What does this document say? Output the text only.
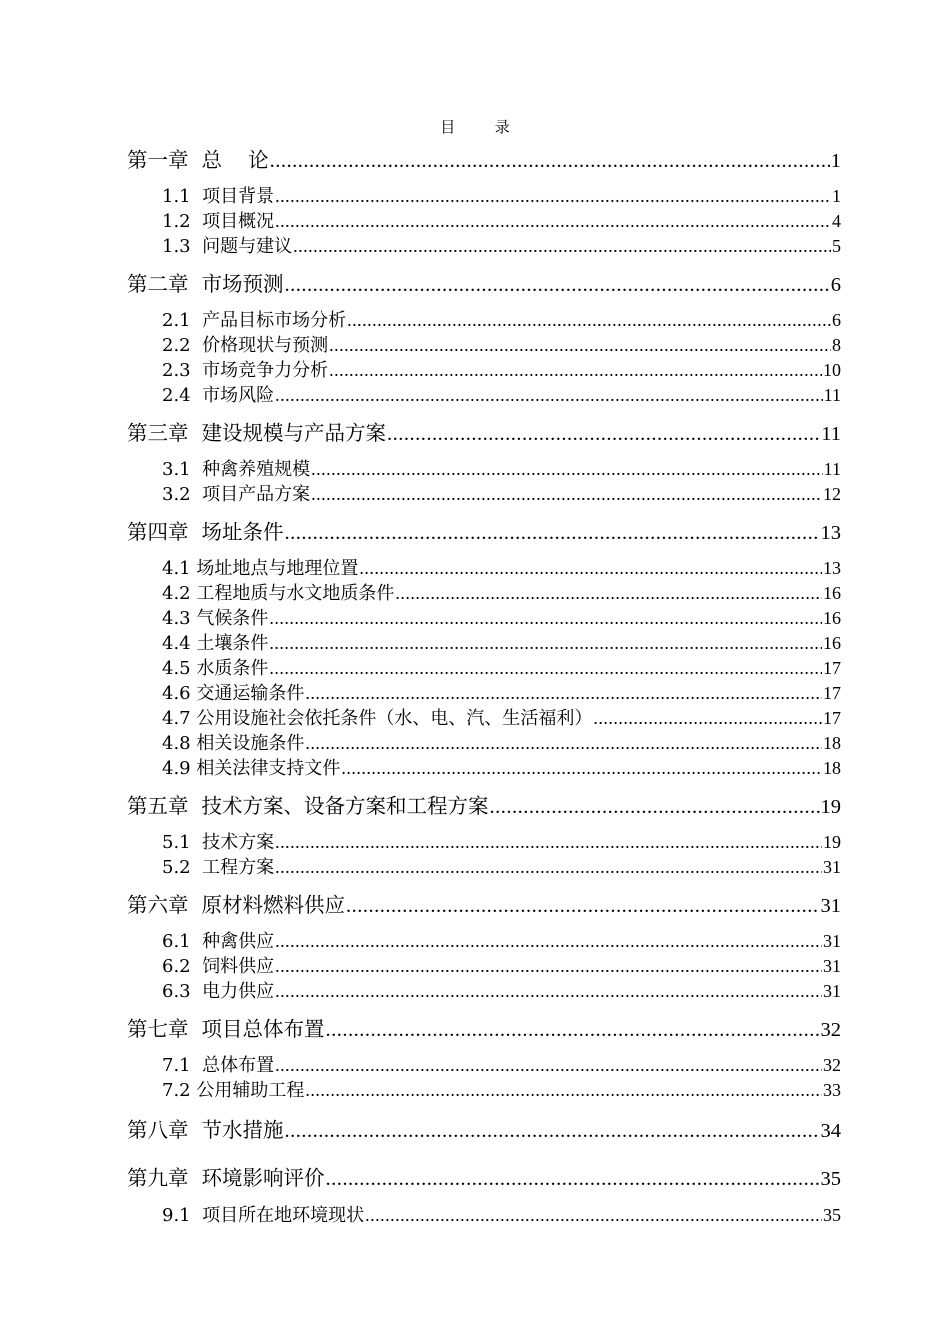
目  录
第一章  总    论 .....	1
1.1  项目背景 .....	1
1.2  项目概况 .....	4
1.3  问题与建议 .....	5
第二章  市场预测 .....	6
2.1  产品目标市场分析 .....	6
2.2  价格现状与预测 .....	8
2.3  市场竞争力分析 .....	10
2.4  市场风险 .....	11
第三章  建设规模与产品方案 .....	11
3.1  种禽养殖规模 .....	11
3.2  项目产品方案 .....	12
第四章  场址条件 .....	13
4.1 场址地点与地理位置 .....	13
4.2 工程地质与水文地质条件 .....	16
4.3 气候条件 .....	16
4.4 土壤条件 .....	16
4.5 水质条件 .....	17
4.6 交通运输条件 .....	17
4.7 公用设施社会依托条件（水、电、汽、生活福利） .....	17
4.8 相关设施条件 .....	18
4.9 相关法律支持文件 .....	18
第五章  技术方案、设备方案和工程方案 .....	19
5.1  技术方案 .....	19
5.2  工程方案 .....	31
第六章  原材料燃料供应 .....	31
6.1  种禽供应 .....	31
6.2  饲料供应 .....	31
6.3  电力供应 .....	31
第七章  项目总体布置 .....	32
7.1  总体布置 .....	32
7.2 公用辅助工程 .....	33
第八章  节水措施 .....	34
第九章  环境影响评价 .....	35
9.1  项目所在地环境现状 .....	35
